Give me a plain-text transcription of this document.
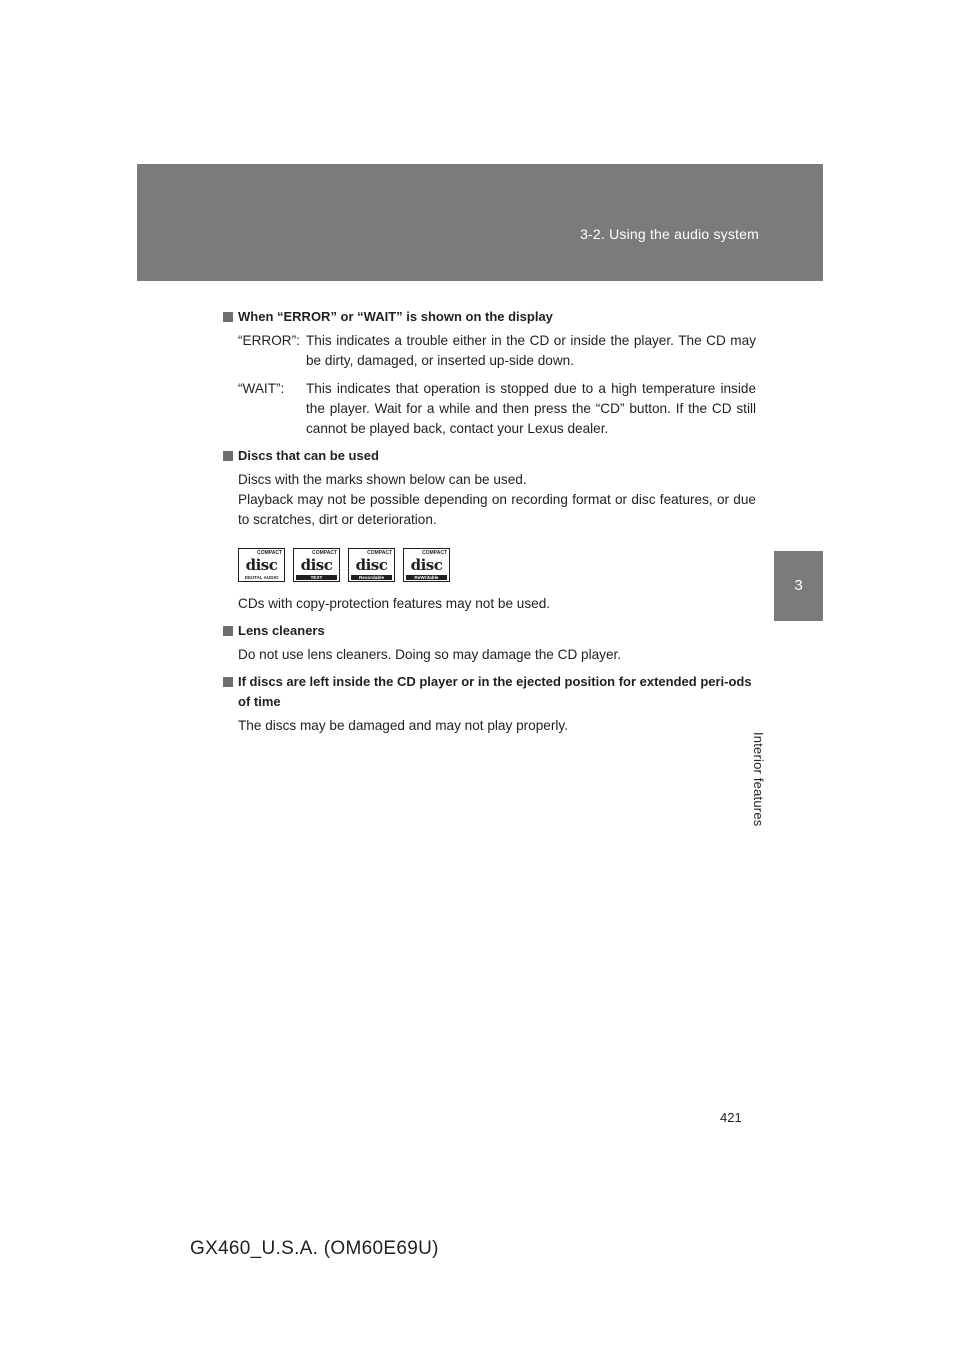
3-2. Using the audio system
3
Interior features

When “ERROR” or “WAIT” is shown on the display

“ERROR”: This indicates a trouble either in the CD or inside the player. The CD may be dirty, damaged, or inserted up-side down.
“WAIT”:	This indicates that operation is stopped due to a high temperature inside the player. Wait for a while and then press the “CD” button. If the CD still cannot be played back, contact your Lexus dealer.

Discs that can be used

Discs with the marks shown below can be used.

Playback may not be possible depending on recording format or disc features, or due to scratches, dirt or deterioration.

COMPACT
disc
DIGITAL AUDIO
COMPACT
disc
TEXT
COMPACT
disc
Recordable
COMPACT
disc
ReWritable

CDs with copy-protection features may not be used.

Lens cleaners

Do not use lens cleaners. Doing so may damage the CD player.

If discs are left inside the CD player or in the ejected position for extended peri-ods of time

The discs may be damaged and may not play properly.

421
GX460_U.S.A. (OM60E69U)
